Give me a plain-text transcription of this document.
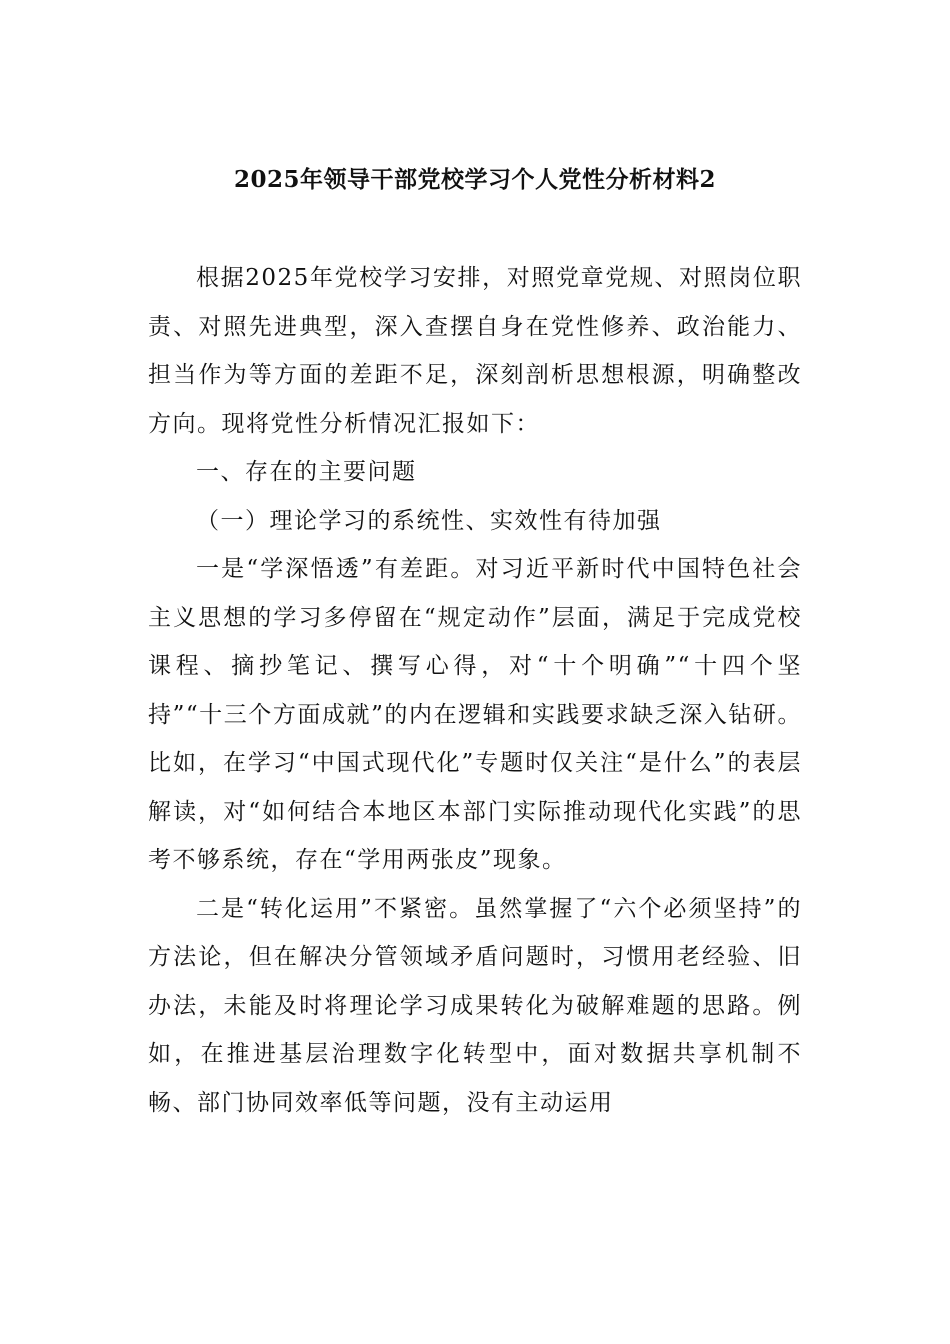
2025年领导干部党校学习个人党性分析材料2

根据2025年党校学习安排，对照党章党规、对照岗位职责、对照先进典型，深入查摆自身在党性修养、政治能力、担当作为等方面的差距不足，深刻剖析思想根源，明确整改方向。现将党性分析情况汇报如下：

一、存在的主要问题

（一）理论学习的系统性、实效性有待加强

一是“学深悟透”有差距。对习近平新时代中国特色社会主义思想的学习多停留在“规定动作”层面，满足于完成党校课程、摘抄笔记、撰写心得，对“十个明确”“十四个坚持”“十三个方面成就”的内在逻辑和实践要求缺乏深入钻研。比如，在学习“中国式现代化”专题时仅关注“是什么”的表层解读，对“如何结合本地区本部门实际推动现代化实践”的思考不够系统，存在“学用两张皮”现象。

二是“转化运用”不紧密。虽然掌握了“六个必须坚持”的方法论，但在解决分管领域矛盾问题时，习惯用老经验、旧办法，未能及时将理论学习成果转化为破解难题的思路。例如，在推进基层治理数字化转型中，面对数据共享机制不畅、部门协同效率低等问题，没有主动运用
